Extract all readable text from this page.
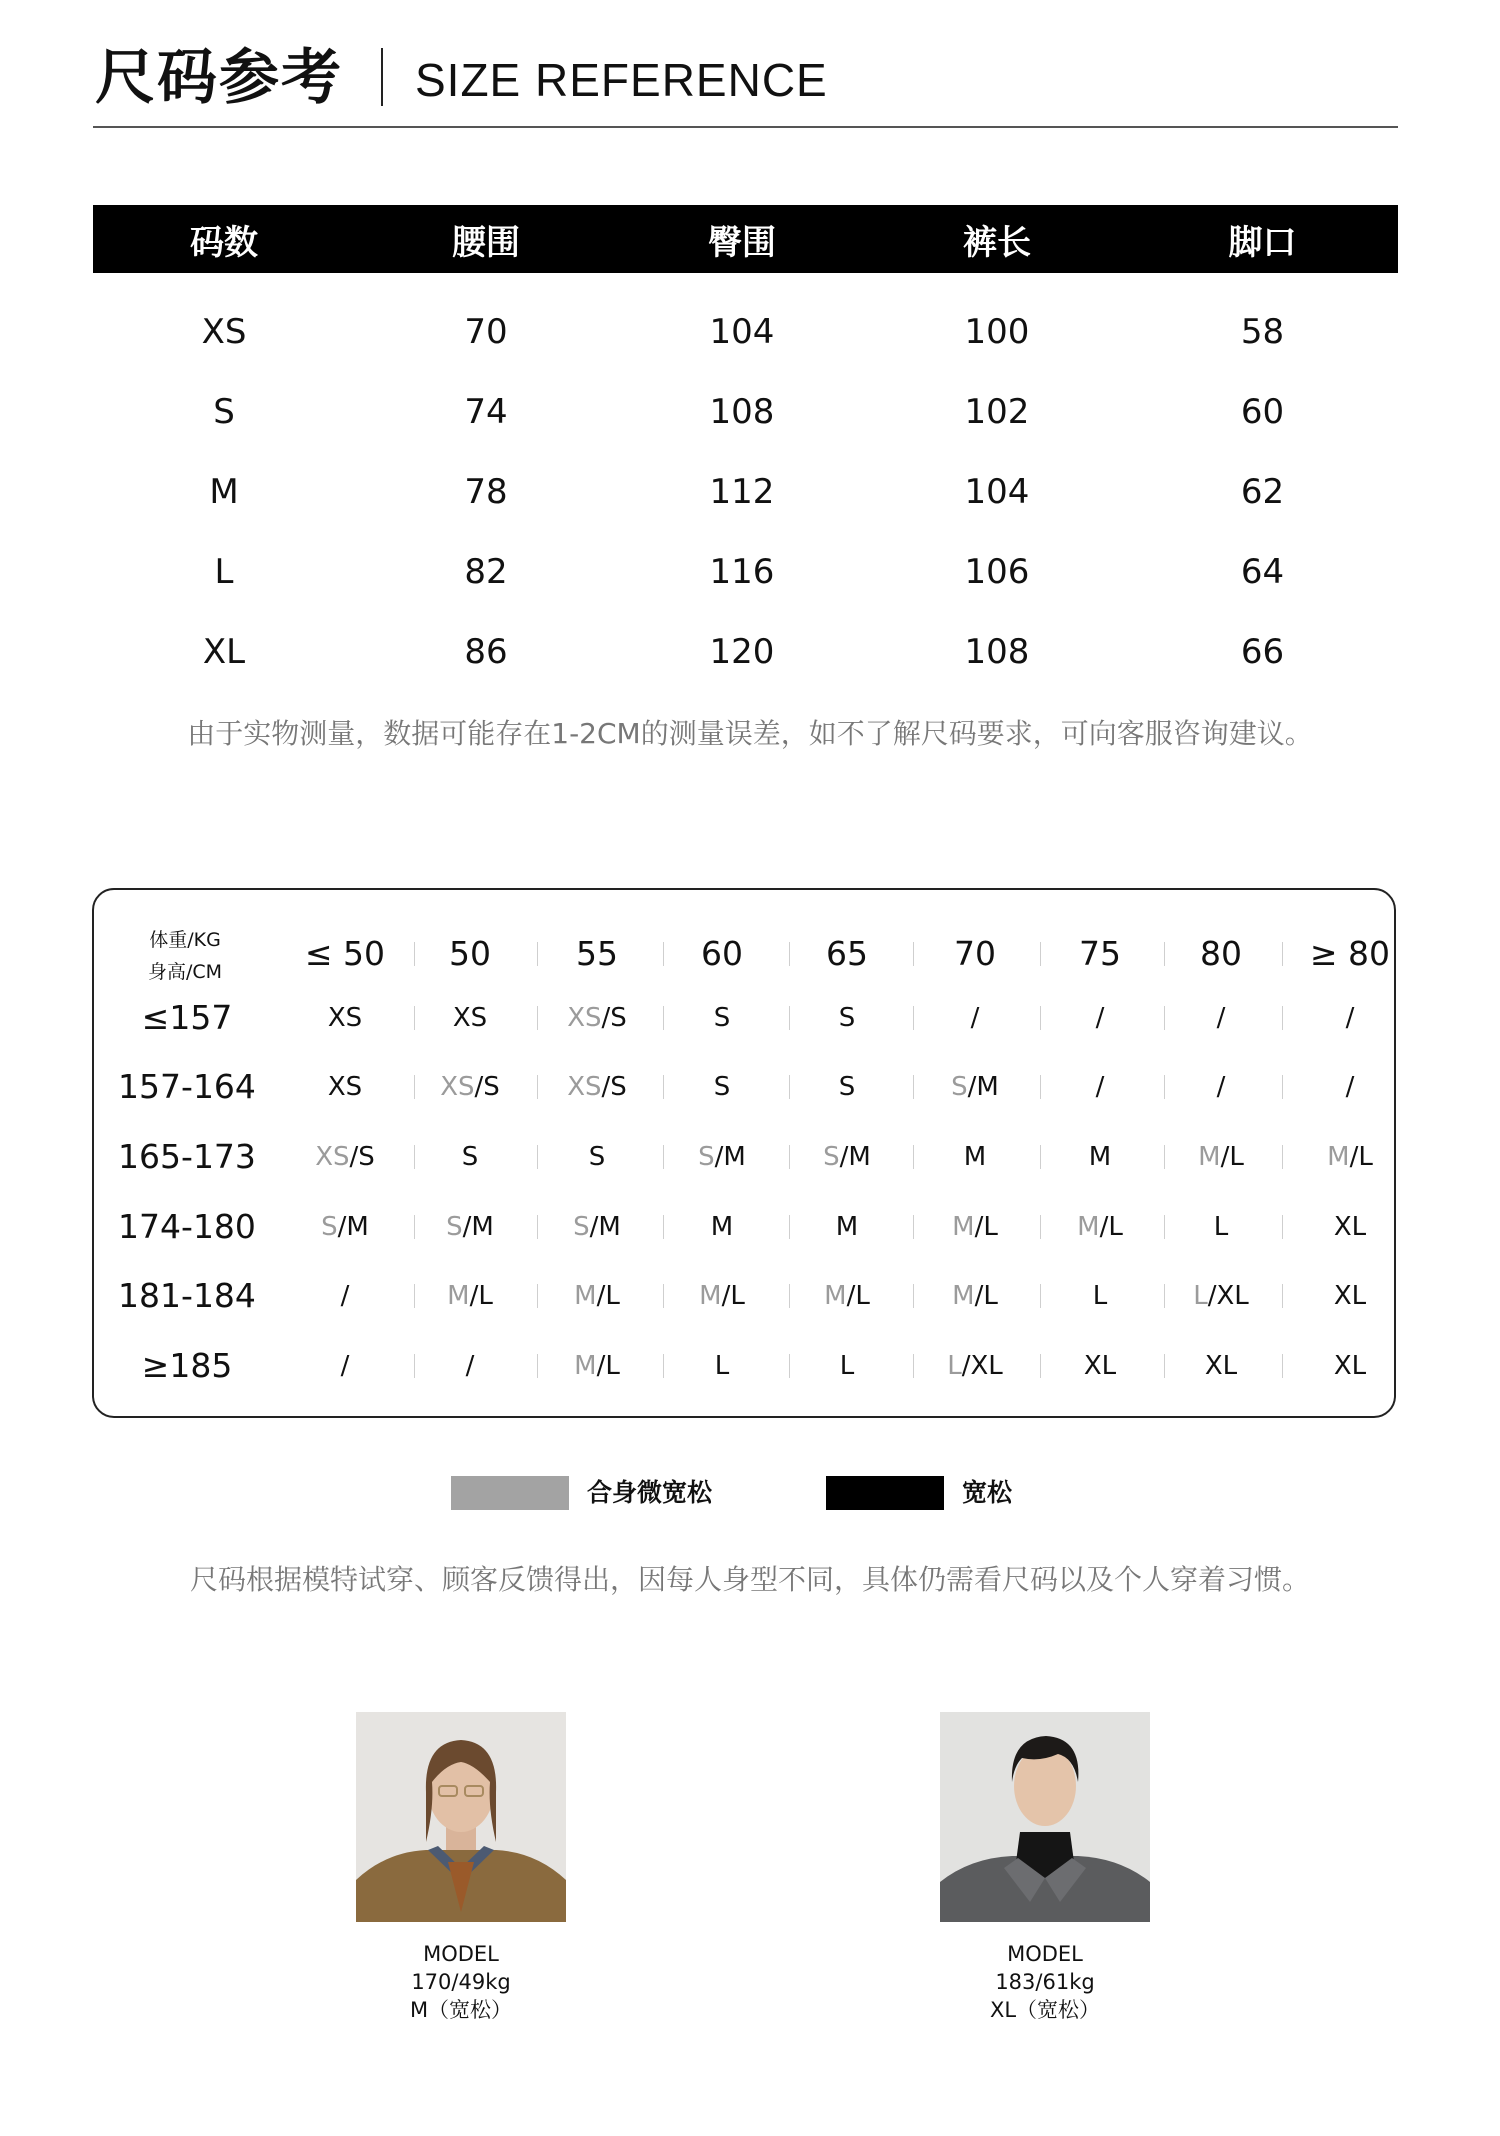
尺码参考 SIZE REFERENCE
码数	腰围	臀围	裤长	脚口
XS	70	104	100	58
S	74	108	102	60
M	78	112	104	62
L	82	116	106	64
XL	86	120	108	66
由于实物测量，数据可能存在1-2CM的测量误差，如不了解尺码要求，可向客服咨询建议。
体重/KG
身高/CM	≤ 50	50	55	60	65	70	75	80	≥ 80
≤157	XS	XS	XS/S	S	S	/	/	/	/
157-164	XS	XS/S	XS/S	S	S	S/M	/	/	/
165-173	XS/S	S	S	S/M	S/M	M	M	M/L	M/L
174-180	S/M	S/M	S/M	M	M	M/L	M/L	L	XL
181-184	/	M/L	M/L	M/L	M/L	M/L	L	L/XL	XL
≥185	/	/	M/L	L	L	L/XL	XL	XL	XL
合身微宽松	宽松
尺码根据模特试穿、顾客反馈得出，因每人身型不同，具体仍需看尺码以及个人穿着习惯。
MODEL
170/49kg
M（宽松）
MODEL
183/61kg
XL（宽松）
